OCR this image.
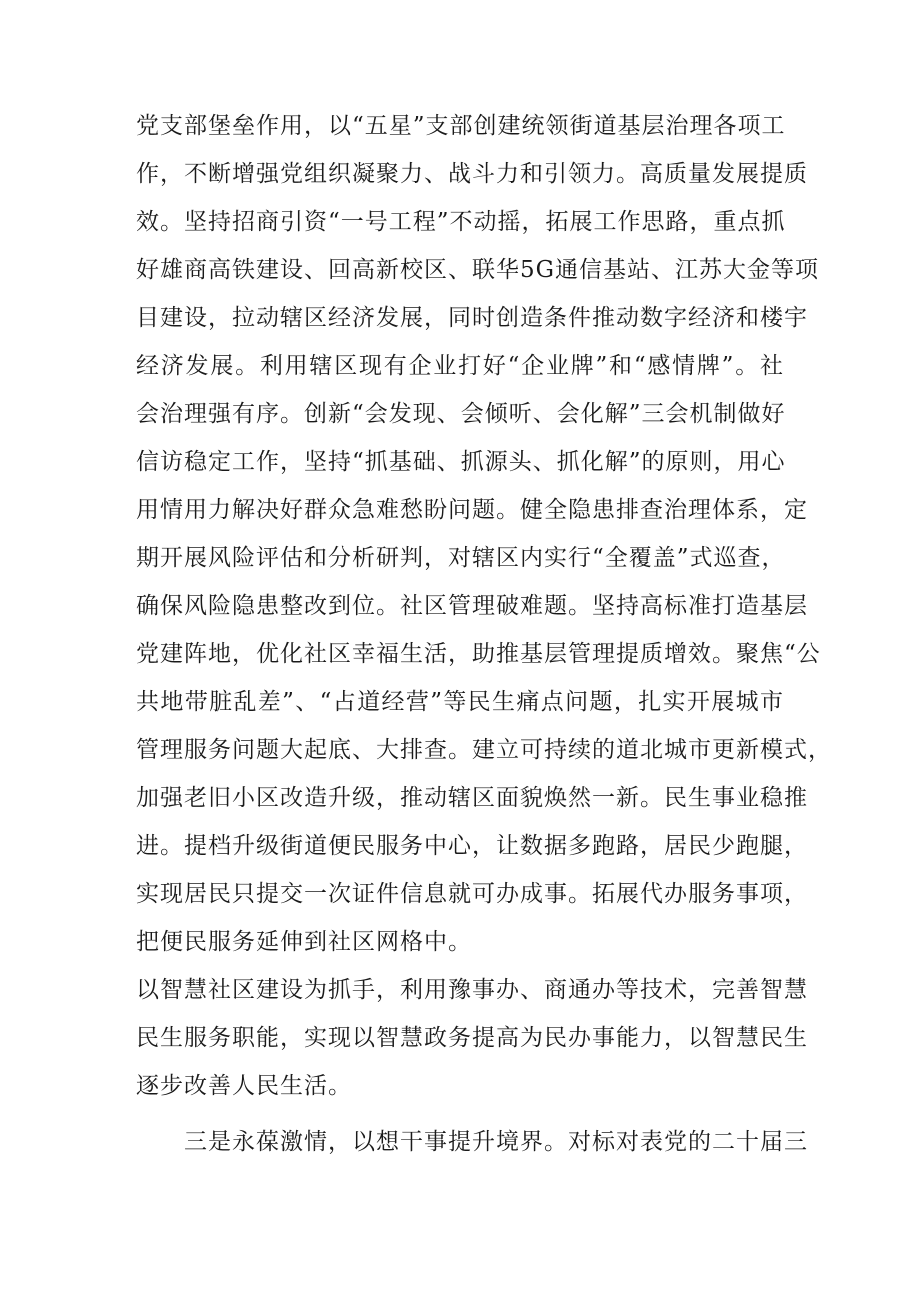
党支部堡垒作用，以“五星”支部创建统领街道基层治理各项工
作，不断增强党组织凝聚力、战斗力和引领力。高质量发展提质
效。坚持招商引资“一号工程”不动摇，拓展工作思路，重点抓
好雄商高铁建设、回高新校区、联华5G通信基站、江苏大金等项
目建设，拉动辖区经济发展，同时创造条件推动数字经济和楼宇
经济发展。利用辖区现有企业打好“企业牌”和“感情牌”。社
会治理强有序。创新“会发现、会倾听、会化解”三会机制做好
信访稳定工作，坚持“抓基础、抓源头、抓化解”的原则，用心
用情用力解决好群众急难愁盼问题。健全隐患排查治理体系，定
期开展风险评估和分析研判，对辖区内实行“全覆盖”式巡查，
确保风险隐患整改到位。社区管理破难题。坚持高标准打造基层
党建阵地，优化社区幸福生活，助推基层管理提质增效。聚焦“公
共地带脏乱差”、“占道经营”等民生痛点问题，扎实开展城市
管理服务问题大起底、大排查。建立可持续的道北城市更新模式，
加强老旧小区改造升级，推动辖区面貌焕然一新。民生事业稳推
进。提档升级街道便民服务中心，让数据多跑路，居民少跑腿，
实现居民只提交一次证件信息就可办成事。拓展代办服务事项，
把便民服务延伸到社区网格中。
以智慧社区建设为抓手，利用豫事办、商通办等技术，完善智慧
民生服务职能，实现以智慧政务提高为民办事能力，以智慧民生
逐步改善人民生活。
三是永葆激情，以想干事提升境界。对标对表党的二十届三
